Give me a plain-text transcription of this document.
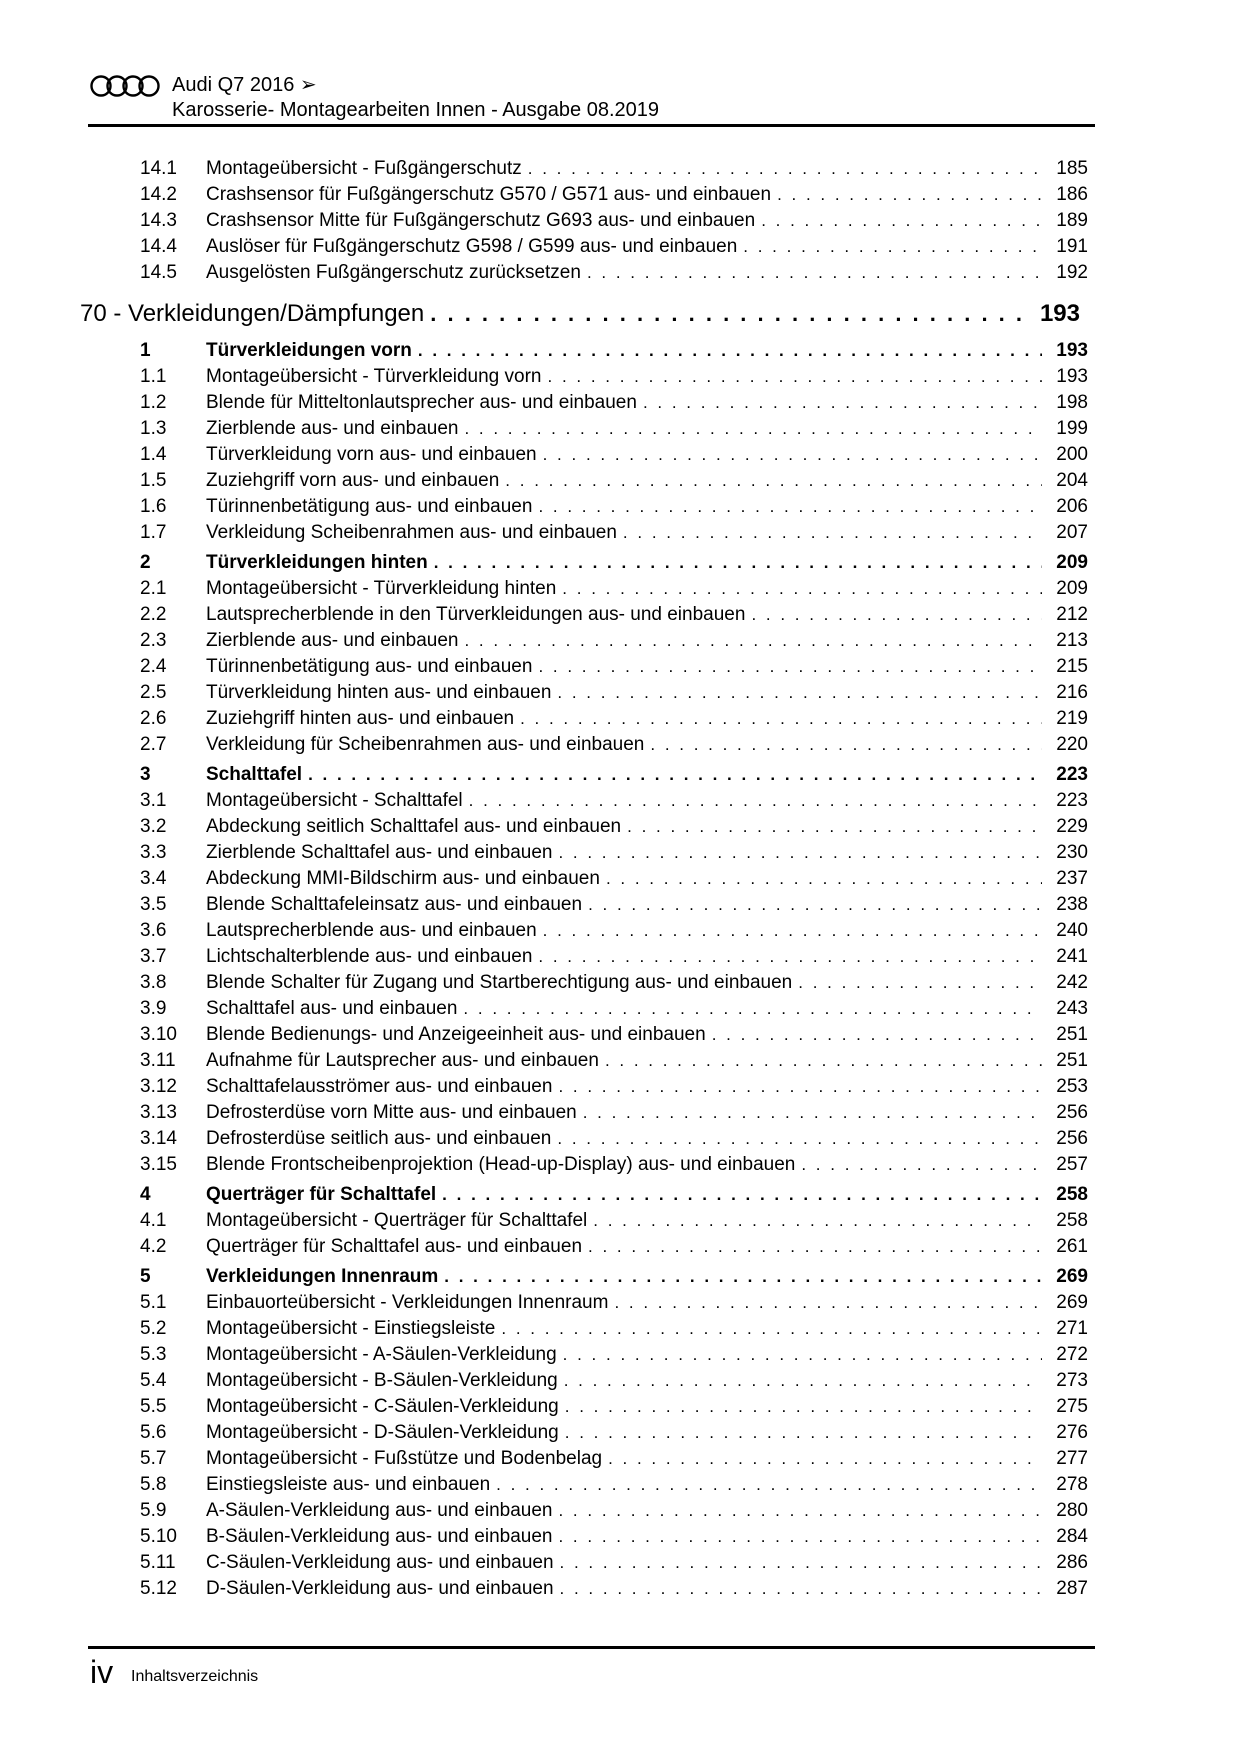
Audi Q7 2016 ➢
Karosserie- Montagearbeiten Innen - Ausgabe 08.2019
14.1	Montageübersicht - Fußgängerschutz . . .	185
14.2	Crashsensor für Fußgängerschutz G570 / G571 aus- und einbauen . . .	186
14.3	Crashsensor Mitte für Fußgängerschutz G693 aus- und einbauen . . .	189
14.4	Auslöser für Fußgängerschutz G598 / G599 aus- und einbauen . . .	191
14.5	Ausgelösten Fußgängerschutz zurücksetzen . . .	192
70 - Verkleidungen/Dämpfungen . . .	193
1	Türverkleidungen vorn . . .	193
1.1	Montageübersicht - Türverkleidung vorn . . .	193
1.2	Blende für Mitteltonlautsprecher aus- und einbauen . . .	198
1.3	Zierblende aus- und einbauen . . .	199
1.4	Türverkleidung vorn aus- und einbauen . . .	200
1.5	Zuziehgriff vorn aus- und einbauen . . .	204
1.6	Türinnenbetätigung aus- und einbauen . . .	206
1.7	Verkleidung Scheibenrahmen aus- und einbauen . . .	207
2	Türverkleidungen hinten . . .	209
2.1	Montageübersicht - Türverkleidung hinten . . .	209
2.2	Lautsprecherblende in den Türverkleidungen aus- und einbauen . . .	212
2.3	Zierblende aus- und einbauen . . .	213
2.4	Türinnenbetätigung aus- und einbauen . . .	215
2.5	Türverkleidung hinten aus- und einbauen . . .	216
2.6	Zuziehgriff hinten aus- und einbauen . . .	219
2.7	Verkleidung für Scheibenrahmen aus- und einbauen . . .	220
3	Schalttafel . . .	223
3.1	Montageübersicht - Schalttafel . . .	223
3.2	Abdeckung seitlich Schalttafel aus- und einbauen . . .	229
3.3	Zierblende Schalttafel aus- und einbauen . . .	230
3.4	Abdeckung MMI-Bildschirm aus- und einbauen . . .	237
3.5	Blende Schalttafeleinsatz aus- und einbauen . . .	238
3.6	Lautsprecherblende aus- und einbauen . . .	240
3.7	Lichtschalterblende aus- und einbauen . . .	241
3.8	Blende Schalter für Zugang und Startberechtigung aus- und einbauen . . .	242
3.9	Schalttafel aus- und einbauen . . .	243
3.10	Blende Bedienungs- und Anzeigeeinheit aus- und einbauen . . .	251
3.11	Aufnahme für Lautsprecher aus- und einbauen . . .	251
3.12	Schalttafelausströmer aus- und einbauen . . .	253
3.13	Defrosterdüse vorn Mitte aus- und einbauen . . .	256
3.14	Defrosterdüse seitlich aus- und einbauen . . .	256
3.15	Blende Frontscheibenprojektion (Head-up-Display) aus- und einbauen . . .	257
4	Querträger für Schalttafel . . .	258
4.1	Montageübersicht - Querträger für Schalttafel . . .	258
4.2	Querträger für Schalttafel aus- und einbauen . . .	261
5	Verkleidungen Innenraum . . .	269
5.1	Einbauorteübersicht - Verkleidungen Innenraum . . .	269
5.2	Montageübersicht - Einstiegsleiste . . .	271
5.3	Montageübersicht - A-Säulen-Verkleidung . . .	272
5.4	Montageübersicht - B-Säulen-Verkleidung . . .	273
5.5	Montageübersicht - C-Säulen-Verkleidung . . .	275
5.6	Montageübersicht - D-Säulen-Verkleidung . . .	276
5.7	Montageübersicht - Fußstütze und Bodenbelag . . .	277
5.8	Einstiegsleiste aus- und einbauen . . .	278
5.9	A-Säulen-Verkleidung aus- und einbauen . . .	280
5.10	B-Säulen-Verkleidung aus- und einbauen . . .	284
5.11	C-Säulen-Verkleidung aus- und einbauen . . .	286
5.12	D-Säulen-Verkleidung aus- und einbauen . . .	287
iv Inhaltsverzeichnis
